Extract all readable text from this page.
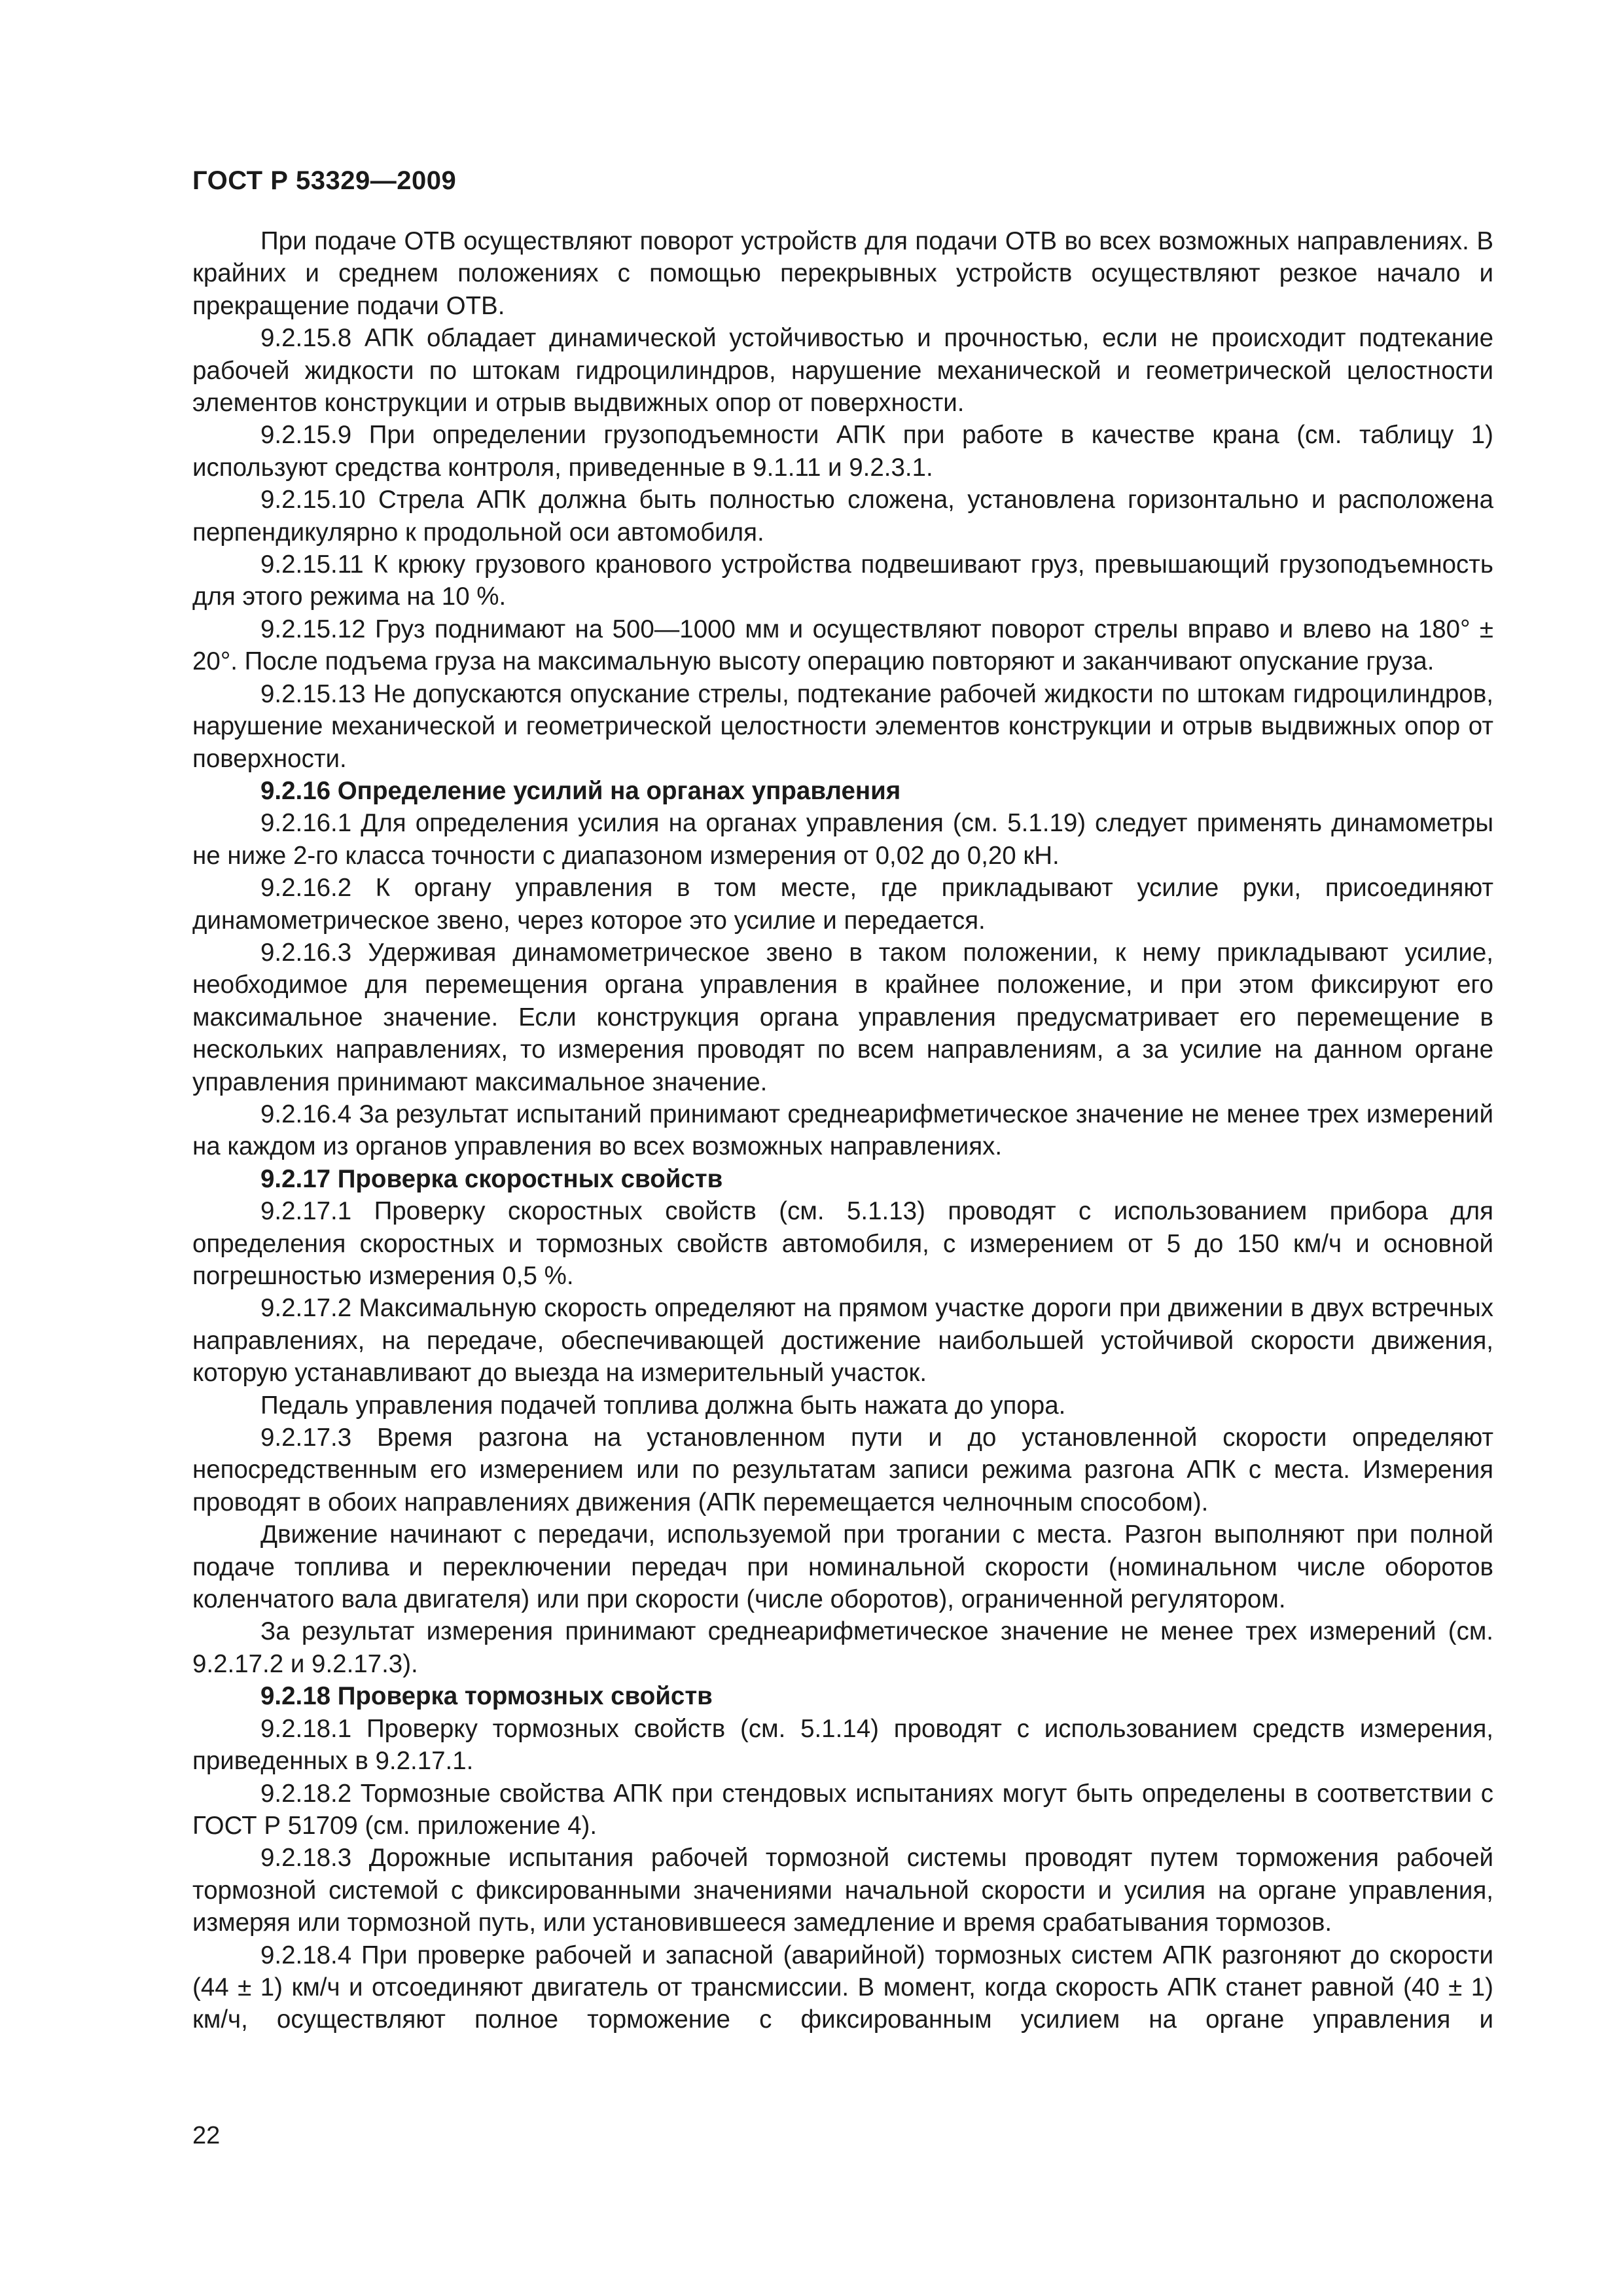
ГОСТ Р 53329—2009

При подаче ОТВ осуществляют поворот устройств для подачи ОТВ во всех возможных направлениях. В крайних и среднем положениях с помощью перекрывных устройств осуществляют резкое начало и прекращение подачи ОТВ.

9.2.15.8 АПК обладает динамической устойчивостью и прочностью, если не происходит подтекание рабочей жидкости по штокам гидроцилиндров, нарушение механической и геометрической целостности элементов конструкции и отрыв выдвижных опор от поверхности.

9.2.15.9 При определении грузоподъемности АПК при работе в качестве крана (см. таблицу 1) используют средства контроля, приведенные в 9.1.11 и 9.2.3.1.

9.2.15.10 Стрела АПК должна быть полностью сложена, установлена горизонтально и расположена перпендикулярно к продольной оси автомобиля.

9.2.15.11 К крюку грузового кранового устройства подвешивают груз, превышающий грузоподъемность для этого режима на 10 %.

9.2.15.12 Груз поднимают на 500—1000 мм и осуществляют поворот стрелы вправо и влево на 180° ± 20°. После подъема груза на максимальную высоту операцию повторяют и заканчивают опускание груза.

9.2.15.13 Не допускаются опускание стрелы, подтекание рабочей жидкости по штокам гидроцилиндров, нарушение механической и геометрической целостности элементов конструкции и отрыв выдвижных опор от поверхности.

9.2.16 Определение усилий на органах управления

9.2.16.1 Для определения усилия на органах управления (см. 5.1.19) следует применять динамометры не ниже 2-го класса точности с диапазоном измерения от 0,02 до 0,20 кН.

9.2.16.2 К органу управления в том месте, где прикладывают усилие руки, присоединяют динамометрическое звено, через которое это усилие и передается.

9.2.16.3 Удерживая динамометрическое звено в таком положении, к нему прикладывают усилие, необходимое для перемещения органа управления в крайнее положение, и при этом фиксируют его максимальное значение. Если конструкция органа управления предусматривает его перемещение в нескольких направлениях, то измерения проводят по всем направлениям, а за усилие на данном органе управления принимают максимальное значение.

9.2.16.4 За результат испытаний принимают среднеарифметическое значение не менее трех измерений на каждом из органов управления во всех возможных направлениях.

9.2.17 Проверка скоростных свойств

9.2.17.1 Проверку скоростных свойств (см. 5.1.13) проводят с использованием прибора для определения скоростных и тормозных свойств автомобиля, с измерением от 5 до 150 км/ч и основной погрешностью измерения 0,5 %.

9.2.17.2 Максимальную скорость определяют на прямом участке дороги при движении в двух встречных направлениях, на передаче, обеспечивающей достижение наибольшей устойчивой скорости движения, которую устанавливают до выезда на измерительный участок.

Педаль управления подачей топлива должна быть нажата до упора.

9.2.17.3 Время разгона на установленном пути и до установленной скорости определяют непосредственным его измерением или по результатам записи режима разгона АПК с места. Измерения проводят в обоих направлениях движения (АПК перемещается челночным способом).

Движение начинают с передачи, используемой при трогании с места. Разгон выполняют при полной подаче топлива и переключении передач при номинальной скорости (номинальном числе оборотов коленчатого вала двигателя) или при скорости (числе оборотов), ограниченной регулятором.

За результат измерения принимают среднеарифметическое значение не менее трех измерений (см. 9.2.17.2 и 9.2.17.3).

9.2.18 Проверка тормозных свойств

9.2.18.1 Проверку тормозных свойств (см. 5.1.14) проводят с использованием средств измерения, приведенных в 9.2.17.1.

9.2.18.2 Тормозные свойства АПК при стендовых испытаниях могут быть определены в соответствии с ГОСТ Р 51709 (см. приложение 4).

9.2.18.3 Дорожные испытания рабочей тормозной системы проводят путем торможения рабочей тормозной системой с фиксированными значениями начальной скорости и усилия на органе управления, измеряя или тормозной путь, или установившееся замедление и время срабатывания тормозов.

9.2.18.4 При проверке рабочей и запасной (аварийной) тормозных систем АПК разгоняют до скорости (44 ± 1) км/ч и отсоединяют двигатель от трансмиссии. В момент, когда скорость АПК станет равной (40 ± 1) км/ч, осуществляют полное торможение с фиксированным усилием на органе управления и

22
